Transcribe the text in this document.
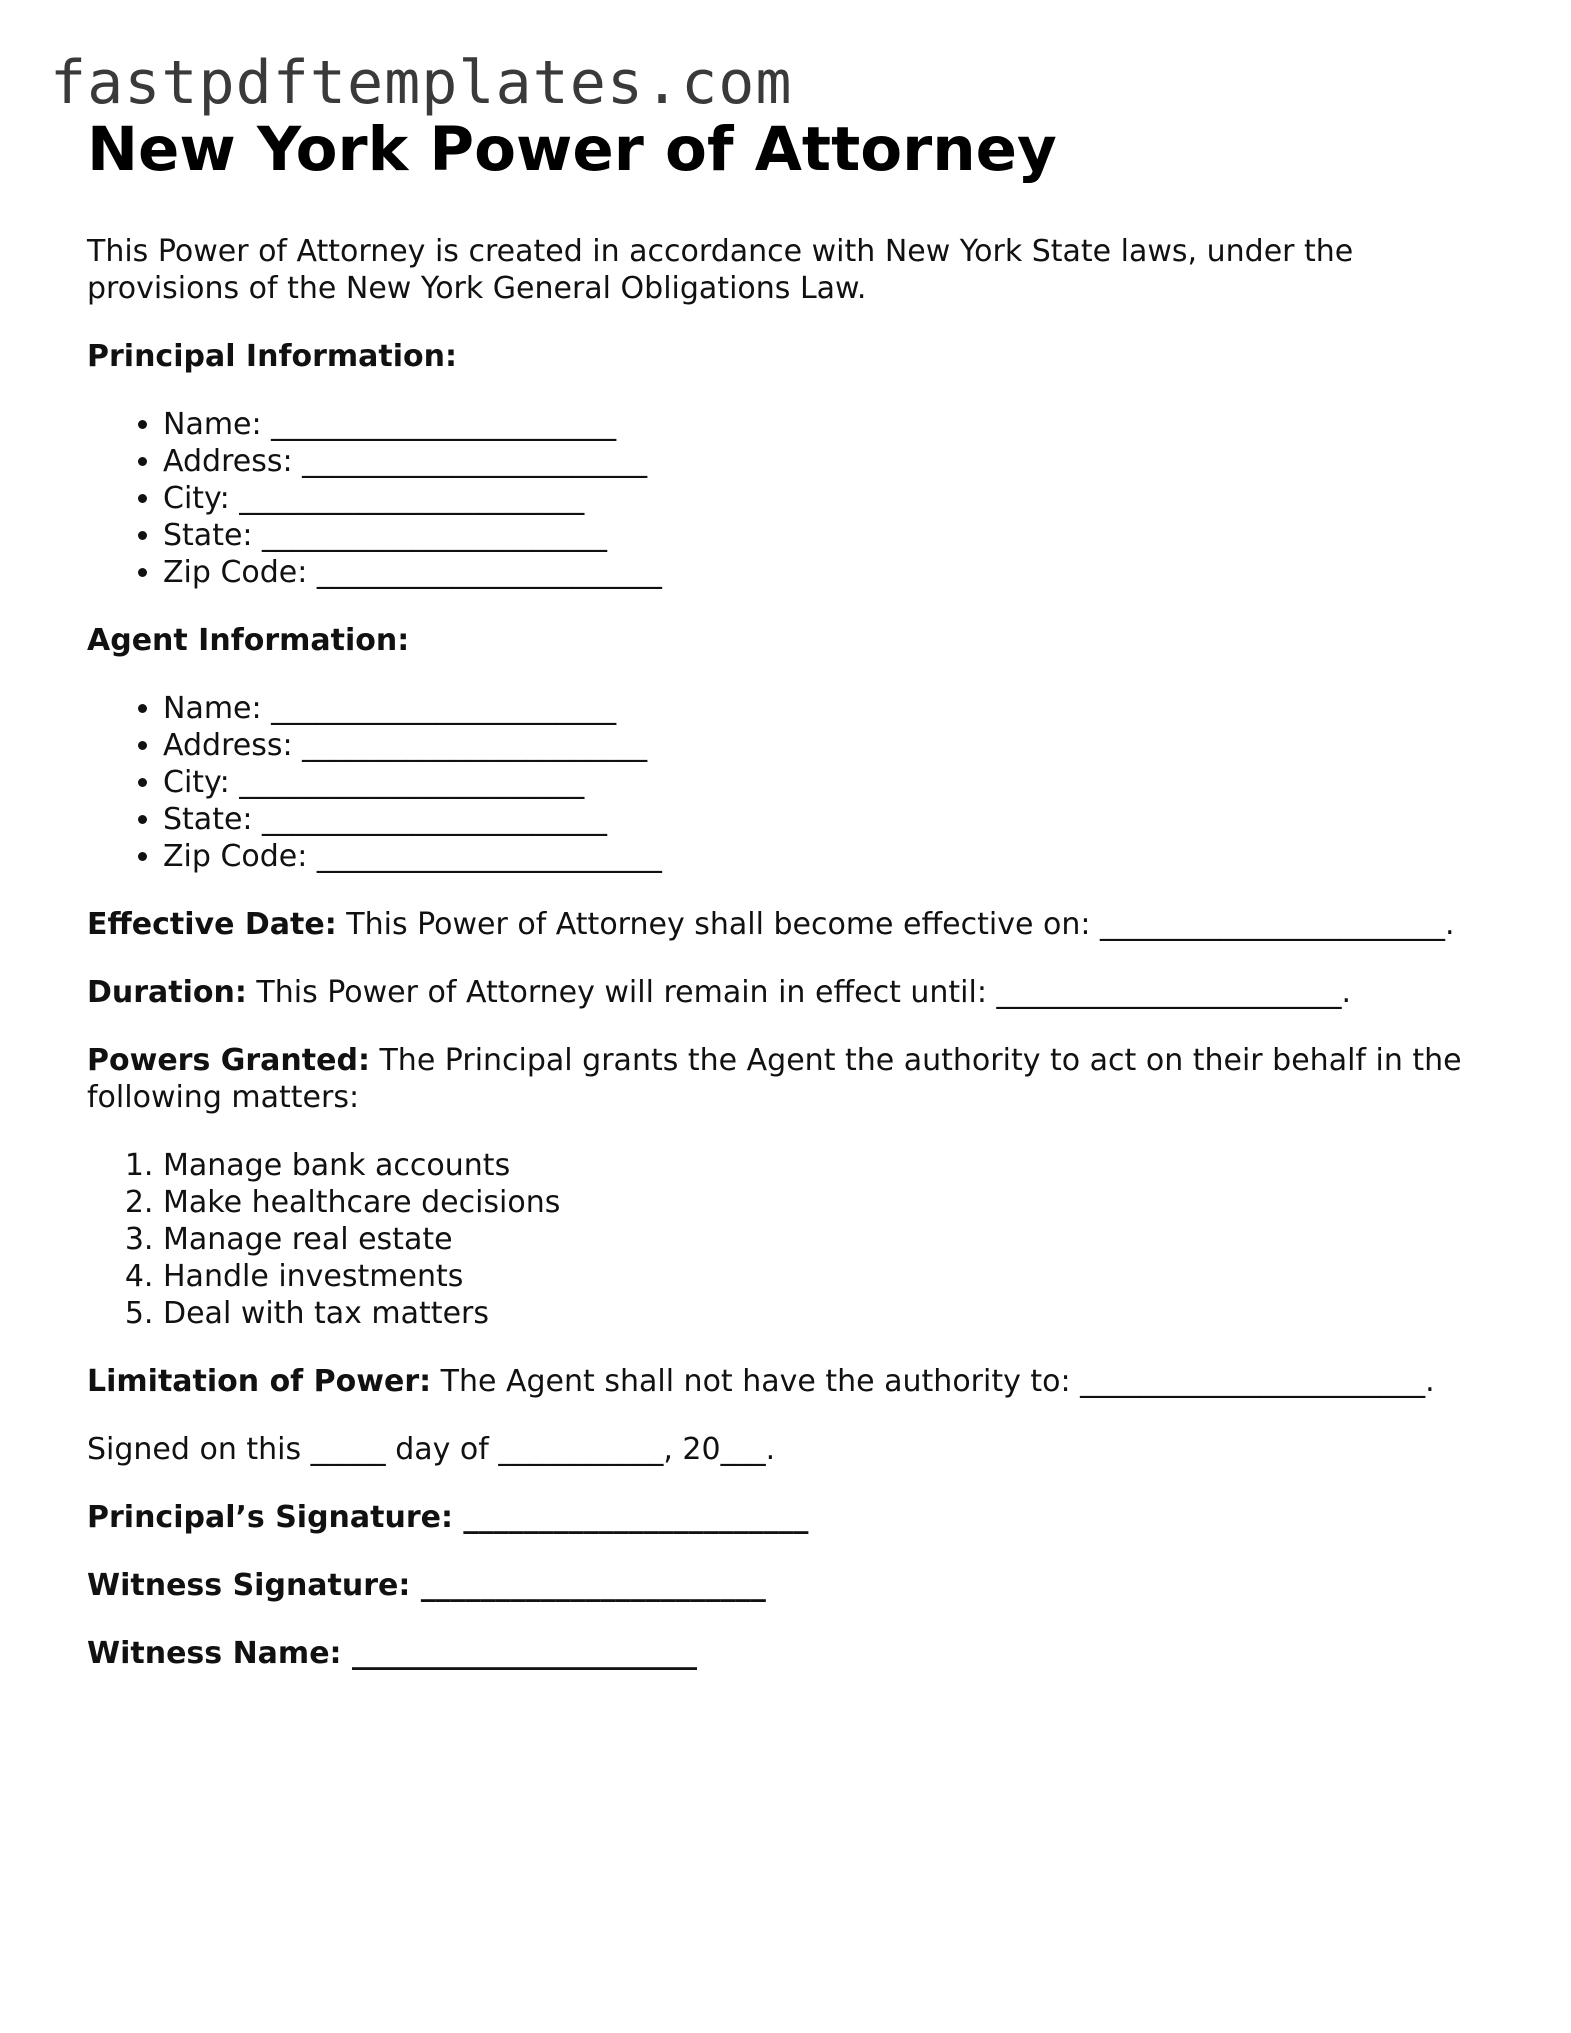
fastpdftemplates.com
New York Power of Attorney

This Power of Attorney is created in accordance with New York State laws, under the provisions of the New York General Obligations Law.

Principal Information:

• Name: _______________________
• Address: _______________________
• City: _______________________
• State: _______________________
• Zip Code: _______________________

Agent Information:

• Name: _______________________
• Address: _______________________
• City: _______________________
• State: _______________________
• Zip Code: _______________________

Effective Date: This Power of Attorney shall become effective on: _______________________.

Duration: This Power of Attorney will remain in effect until: _______________________.

Powers Granted: The Principal grants the Agent the authority to act on their behalf in the following matters:

1. Manage bank accounts
2. Make healthcare decisions
3. Manage real estate
4. Handle investments
5. Deal with tax matters

Limitation of Power: The Agent shall not have the authority to: _______________________.

Signed on this _____ day of ___________, 20___.

Principal’s Signature: _______________________

Witness Signature: _______________________

Witness Name: _______________________
